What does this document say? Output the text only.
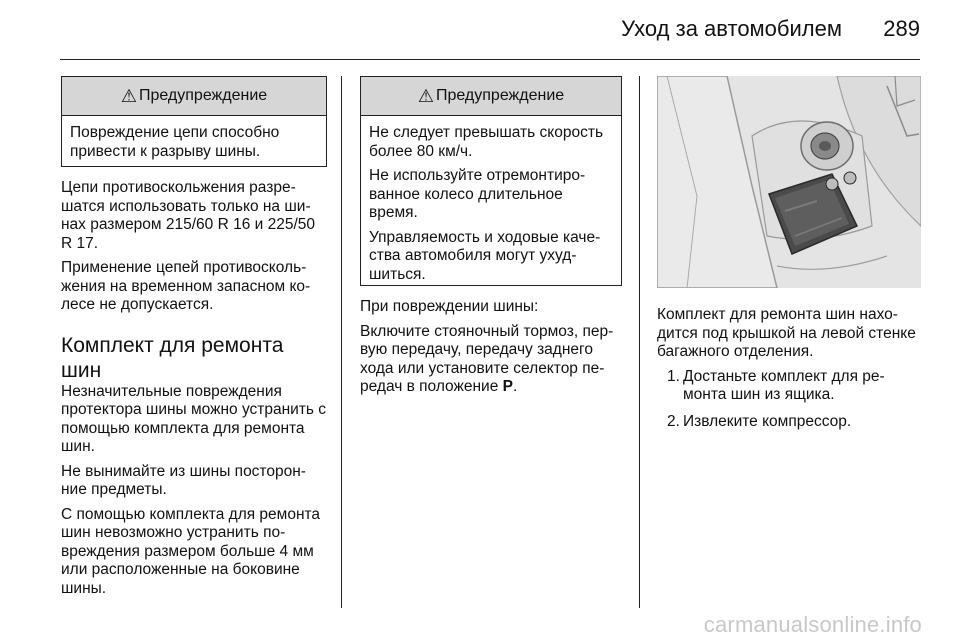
Уход за автомобилем 289
⚠ Предупреждение

Повреждение цепи способно привести к разрыву шины.

Цепи противоскольжения разре-шатся использовать только на ши-нах размером 215/60 R 16 и 225/50 R 17.

Применение цепей противосколь-жения на временном запасном ко-лесе не допускается.

Комплект для ремонта шин

Незначительные повреждения протектора шины можно устранить с помощью комплекта для ремонта шин.

Не вынимайте из шины посторон-ние предметы.

С помощью комплекта для ремонта шин невозможно устранить по-вреждения размером больше 4 мм или расположенные на боковине шины.

⚠ Предупреждение

Не следует превышать скорость более 80 км/ч.

Не используйте отремонтиро-ванное колесо длительное время.

Управляемость и ходовые каче-ства автомобиля могут ухуд-шиться.

При повреждении шины:

Включите стояночный тормоз, пер-вую передачу, передачу заднего хода или установите селектор пе-редач в положение P.

Комплект для ремонта шин нахо-дится под крышкой на левой стенке багажного отделения.

1. Достаньте комплект для ре-монта шин из ящика.
2. Извлеките компрессор.
carmanualsonline.info
